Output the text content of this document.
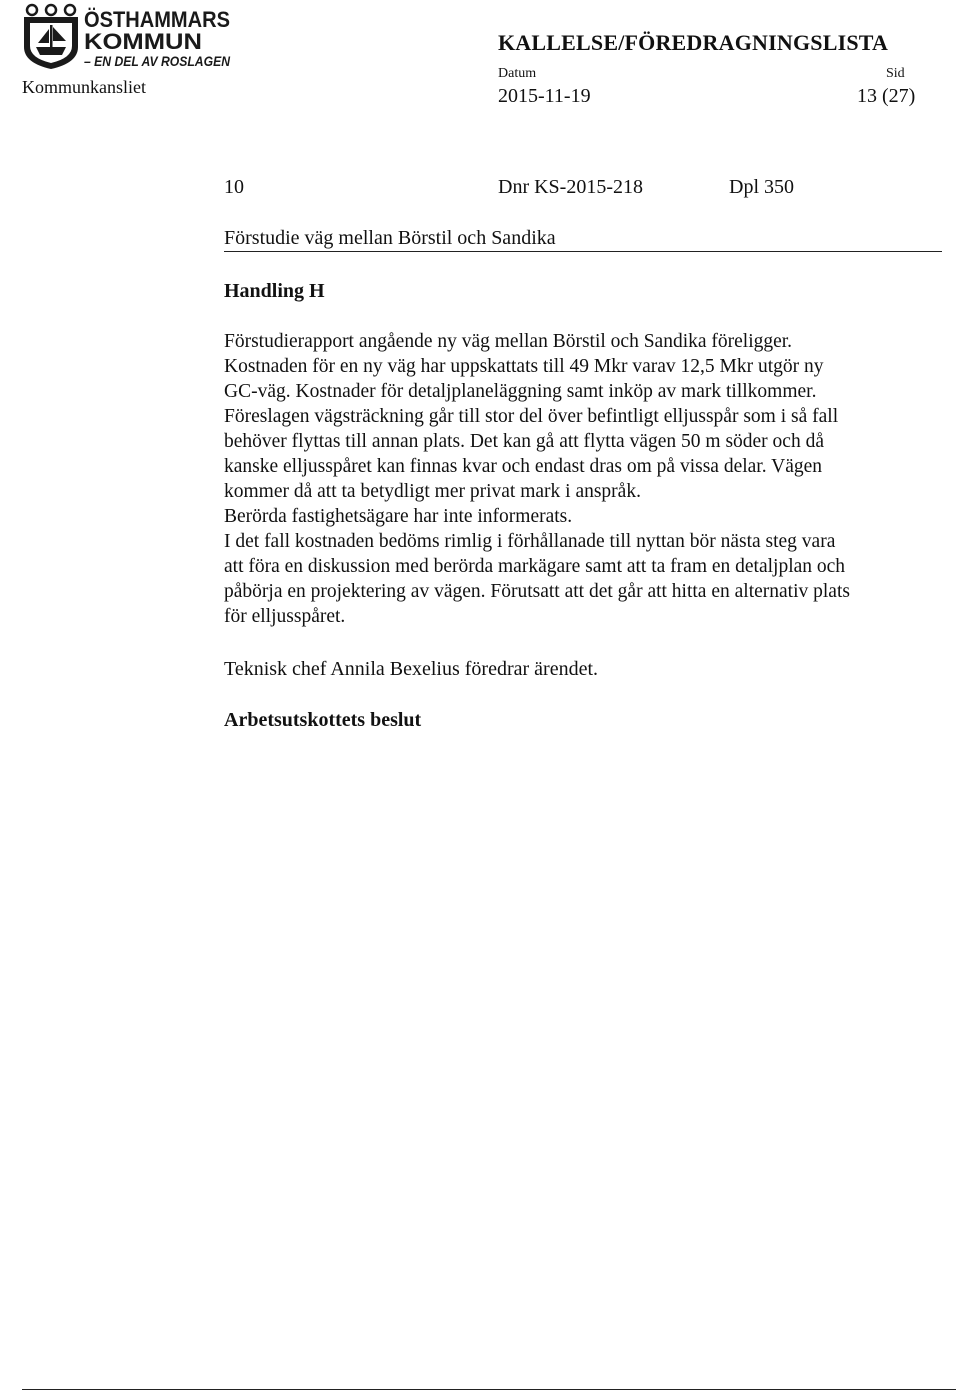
ÖSTHAMMARS
KOMMUN
– EN DEL AV ROSLAGEN
Kommunkansliet
KALLELSE/FÖREDRAGNINGSLISTA
Datum
2015-11-19
Sid
13 (27)
10	Dnr KS-2015-218	Dpl 350
Förstudie väg mellan Börstil och Sandika
Handling H
Förstudierapport angående ny väg mellan Börstil och Sandika föreligger.
Kostnaden för en ny väg har uppskattats till 49 Mkr varav 12,5 Mkr utgör ny
GC-väg. Kostnader för detaljplaneläggning samt inköp av mark tillkommer.
Föreslagen vägsträckning går till stor del över befintligt elljusspår som i så fall
behöver flyttas till annan plats. Det kan gå att flytta vägen 50 m söder och då
kanske elljusspåret kan finnas kvar och endast dras om på vissa delar. Vägen
kommer då att ta betydligt mer privat mark i anspråk.
Berörda fastighetsägare har inte informerats.
I det fall kostnaden bedöms rimlig i förhållanade till nyttan bör nästa steg vara
att föra en diskussion med berörda markägare samt att ta fram en detaljplan och
påbörja en projektering av vägen. Förutsatt att det går att hitta en alternativ plats
för elljusspåret.
Teknisk chef Annila Bexelius föredrar ärendet.
Arbetsutskottets beslut
